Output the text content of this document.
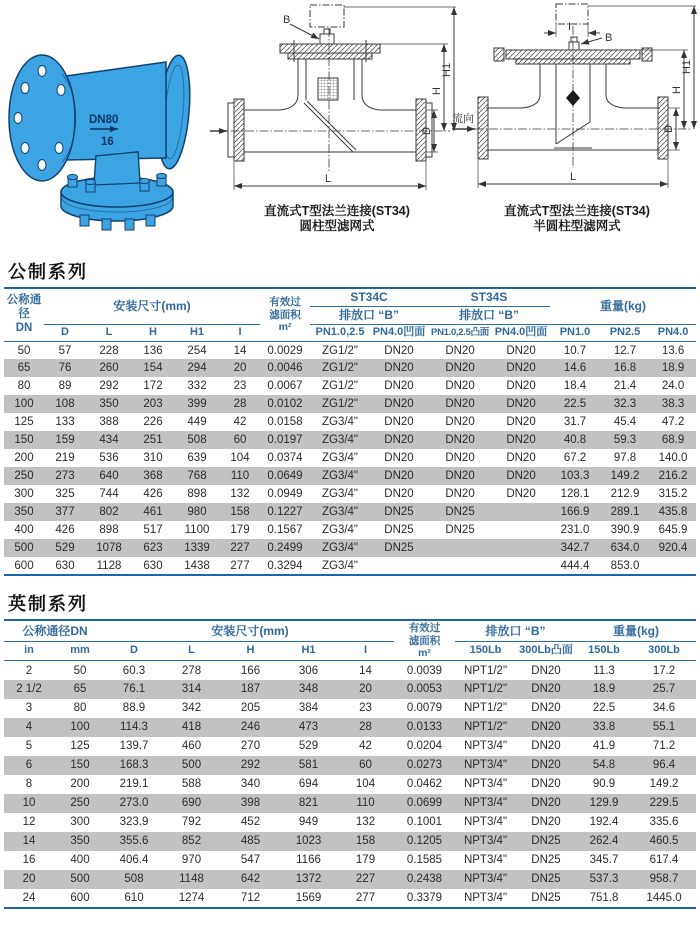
DN80
16
B
D
L
H
H1
I
B
流向
D
L
H
H1
直流式T型法兰连接(ST34)
圆柱型滤网式
直流式T型法兰连接(ST34)
半圆柱型滤网式
公制系列
公称通径
DN
	安装尺寸(mm)	有效过
滤面积
m²
	ST34C	ST34S	重量(kg)
							排放口 “B”		排放口 “B”				
	D	L	H	H1	I		PN1.0,2.5	PN4.0凹面	PN1.0,2.5凸面	PN4.0凹面	PN1.0	PN2.5	PN4.0
50	57	228	136	254	14	0.0029	ZG1/2"	DN20	DN20	DN20	10.7	12.7	13.6
65	76	260	154	294	20	0.0046	ZG1/2"	DN20	DN20	DN20	14.6	16.8	18.9
80	89	292	172	332	23	0.0067	ZG1/2"	DN20	DN20	DN20	18.4	21.4	24.0
100	108	350	203	399	28	0.0102	ZG1/2"	DN20	DN20	DN20	22.5	32.3	38.3
125	133	388	226	449	42	0.0158	ZG3/4"	DN20	DN20	DN20	31.7	45.4	47.2
150	159	434	251	508	60	0.0197	ZG3/4"	DN20	DN20	DN20	40.8	59.3	68.9
200	219	536	310	639	104	0.0374	ZG3/4"	DN20	DN20	DN20	67.2	97.8	140.0
250	273	640	368	768	110	0.0649	ZG3/4"	DN20	DN20	DN20	103.3	149.2	216.2
300	325	744	426	898	132	0.0949	ZG3/4"	DN20	DN20	DN20	128.1	212.9	315.2
350	377	802	461	980	158	0.1227	ZG3/4"	DN25	DN25		166.9	289.1	435.8
400	426	898	517	1100	179	0.1567	ZG3/4"	DN25	DN25		231.0	390.9	645.9
500	529	1078	623	1339	227	0.2499	ZG3/4"	DN25			342.7	634.0	920.4
600	630	1128	630	1438	277	0.3294	ZG3/4"				444.4	853.0	
英制系列
公称通径DN		安装尺寸(mm)					有效过
滤面积
m²	排放口 “B”		重量(kg)	
in	mm	D	L	H	H1	I		150Lb	300Lb凸面	150Lb	300Lb
2	50	60.3	278	166	306	14	0.0039	NPT1/2"	DN20	11.3	17.2
2 1/2	65	76.1	314	187	348	20	0.0053	NPT1/2"	DN20	18.9	25.7
3	80	88.9	342	205	384	23	0.0079	NPT1/2"	DN20	22.5	34.6
4	100	114.3	418	246	473	28	0.0133	NPT1/2"	DN20	33.8	55.1
5	125	139.7	460	270	529	42	0.0204	NPT3/4"	DN20	41.9	71.2
6	150	168.3	500	292	581	60	0.0273	NPT3/4"	DN20	54.8	96.4
8	200	219.1	588	340	694	104	0.0462	NPT3/4"	DN20	90.9	149.2
10	250	273.0	690	398	821	110	0.0699	NPT3/4"	DN20	129.9	229.5
12	300	323.9	792	452	949	132	0.1001	NPT3/4"	DN20	192.4	335.6
14	350	355.6	852	485	1023	158	0.1205	NPT3/4"	DN25	262.4	460.5
16	400	406.4	970	547	1166	179	0.1585	NPT3/4"	DN25	345.7	617.4
20	500	508	1148	642	1372	227	0.2438	NPT3/4"	DN25	537.3	958.7
24	600	610	1274	712	1569	277	0.3379	NPT3/4"	DN25	751.8	1445.0
